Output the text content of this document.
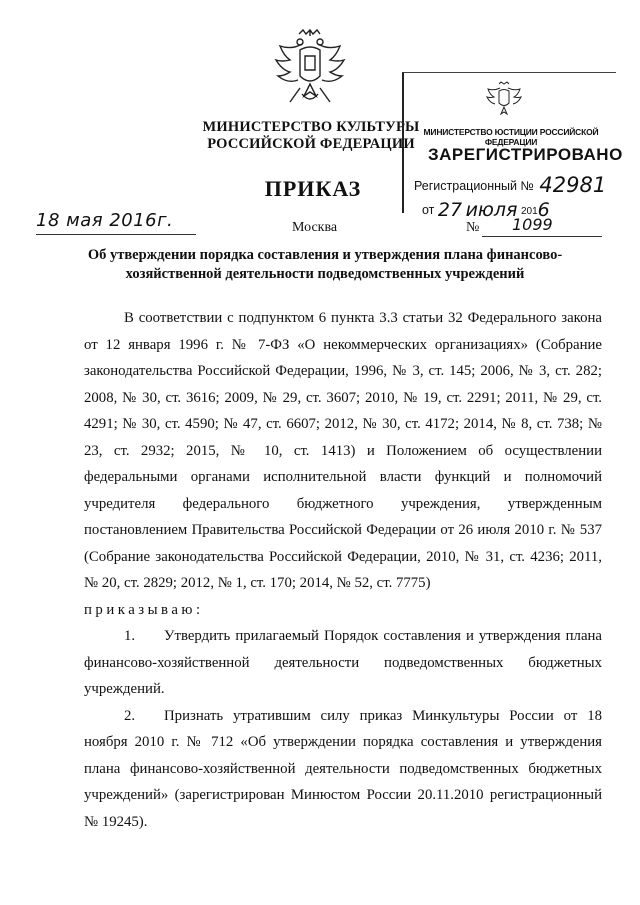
МИНИСТЕРСТВО КУЛЬТУРЫ
РОССИЙСКОЙ ФЕДЕРАЦИИ
ПРИКАЗ
МИНИСТЕРСТВО ЮСТИЦИИ РОССИЙСКОЙ ФЕДЕРАЦИИ
ЗАРЕГИСТРИРОВАНО
Регистрационный № 42981
от 27 июля 2016
18 мая 2016г.	Москва	№ 1099
Об утверждении порядка составления и утверждения плана финансово-
хозяйственной деятельности подведомственных учреждений

В соответствии с подпунктом 6 пункта 3.3 статьи 32 Федерального закона от 12 января 1996 г. № 7-ФЗ «О некоммерческих организациях» (Собрание законодательства Российской Федерации, 1996, № 3, ст. 145; 2006, № 3, ст. 282; 2008, № 30, ст. 3616; 2009, № 29, ст. 3607; 2010, № 19, ст. 2291; 2011, № 29, ст. 4291; № 30, ст. 4590; № 47, ст. 6607; 2012, № 30, ст. 4172; 2014, № 8, ст. 738; № 23, ст. 2932; 2015, № 10, ст. 1413) и Положением об осуществлении федеральными органами исполнительной власти функций и полномочий учредителя федерального бюджетного учреждения, утвержденным постановлением Правительства Российской Федерации от 26 июля 2010 г. № 537 (Собрание законодательства Российской Федерации, 2010, № 31, ст. 4236; 2011, № 20, ст. 2829; 2012, № 1, ст. 170; 2014, № 52, ст. 7775)

приказываю:

1. Утвердить прилагаемый Порядок составления и утверждения плана финансово-хозяйственной деятельности подведомственных бюджетных учреждений.

2. Признать утратившим силу приказ Минкультуры России от 18 ноября 2010 г. № 712 «Об утверждении порядка составления и утверждения плана финансово-хозяйственной деятельности подведомственных бюджетных учреждений» (зарегистрирован Минюстом России 20.11.2010 регистрационный № 19245).
